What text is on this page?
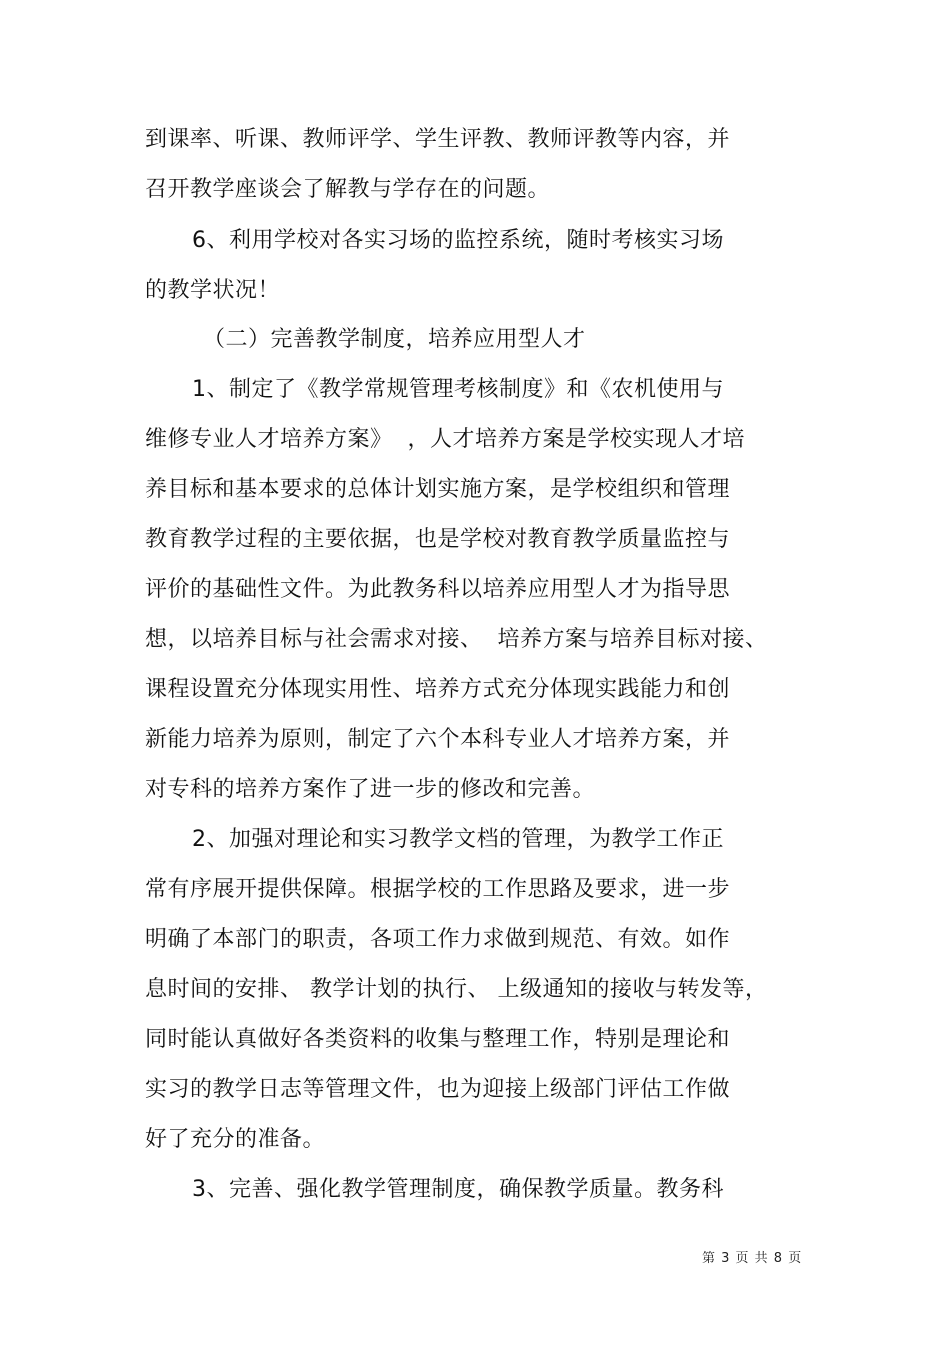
到课率、听课、教师评学、学生评教、教师评教等内容，并
召开教学座谈会了解教与学存在的问题。
6、利用学校对各实习场的监控系统，随时考核实习场
的教学状况！
（二）完善教学制度，培养应用型人才
1、制定了《教学常规管理考核制度》和《农机使用与
维修专业人才培养方案》  ，人才培养方案是学校实现人才培
养目标和基本要求的总体计划实施方案，是学校组织和管理
教育教学过程的主要依据，也是学校对教育教学质量监控与
评价的基础性文件。为此教务科以培养应用型人才为指导思
想，以培养目标与社会需求对接、  培养方案与培养目标对接、
课程设置充分体现实用性、培养方式充分体现实践能力和创
新能力培养为原则，制定了六个本科专业人才培养方案，并
对专科的培养方案作了进一步的修改和完善。
2、加强对理论和实习教学文档的管理，为教学工作正
常有序展开提供保障。根据学校的工作思路及要求，进一步
明确了本部门的职责，各项工作力求做到规范、有效。如作
息时间的安排、 教学计划的执行、 上级通知的接收与转发等，
同时能认真做好各类资料的收集与整理工作，特别是理论和
实习的教学日志等管理文件，也为迎接上级部门评估工作做
好了充分的准备。
3、完善、强化教学管理制度，确保教学质量。教务科
第 3 页 共 8 页
